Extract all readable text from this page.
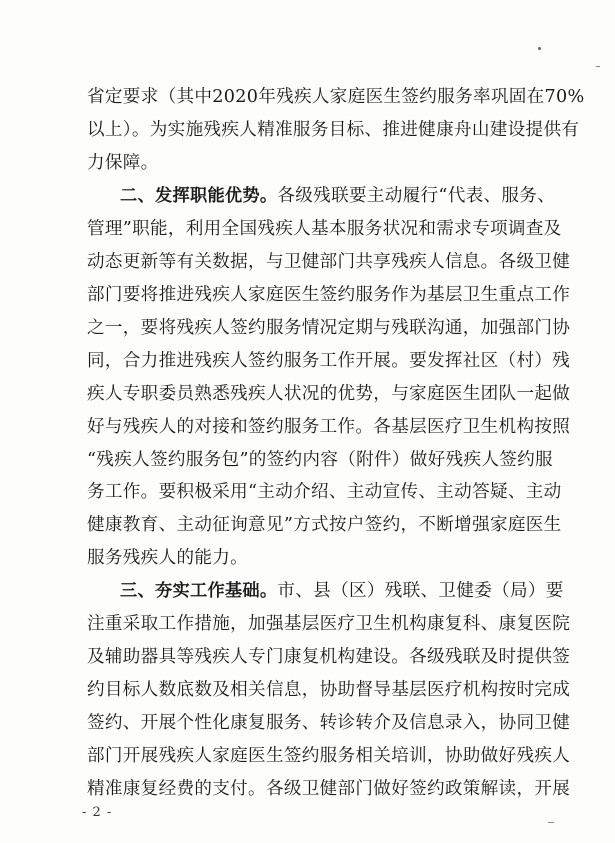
省定要求（其中2020年残疾人家庭医生签约服务率巩固在70%
以上）。为实施残疾人精准服务目标、推进健康舟山建设提供有
力保障。
二、发挥职能优势。各级残联要主动履行“代表、服务、
管理”职能，利用全国残疾人基本服务状况和需求专项调查及
动态更新等有关数据，与卫健部门共享残疾人信息。各级卫健
部门要将推进残疾人家庭医生签约服务作为基层卫生重点工作
之一，要将残疾人签约服务情况定期与残联沟通，加强部门协
同，合力推进残疾人签约服务工作开展。要发挥社区（村）残
疾人专职委员熟悉残疾人状况的优势，与家庭医生团队一起做
好与残疾人的对接和签约服务工作。各基层医疗卫生机构按照
“残疾人签约服务包”的签约内容（附件）做好残疾人签约服
务工作。要积极采用“主动介绍、主动宣传、主动答疑、主动
健康教育、主动征询意见”方式按户签约，不断增强家庭医生
服务残疾人的能力。
三、夯实工作基础。市、县（区）残联、卫健委（局）要
注重采取工作措施，加强基层医疗卫生机构康复科、康复医院
及辅助器具等残疾人专门康复机构建设。各级残联及时提供签
约目标人数底数及相关信息，协助督导基层医疗机构按时完成
签约、开展个性化康复服务、转诊转介及信息录入，协同卫健
部门开展残疾人家庭医生签约服务相关培训，协助做好残疾人
- 2 -
精准康复经费的支付。各级卫健部门做好签约政策解读，开展
